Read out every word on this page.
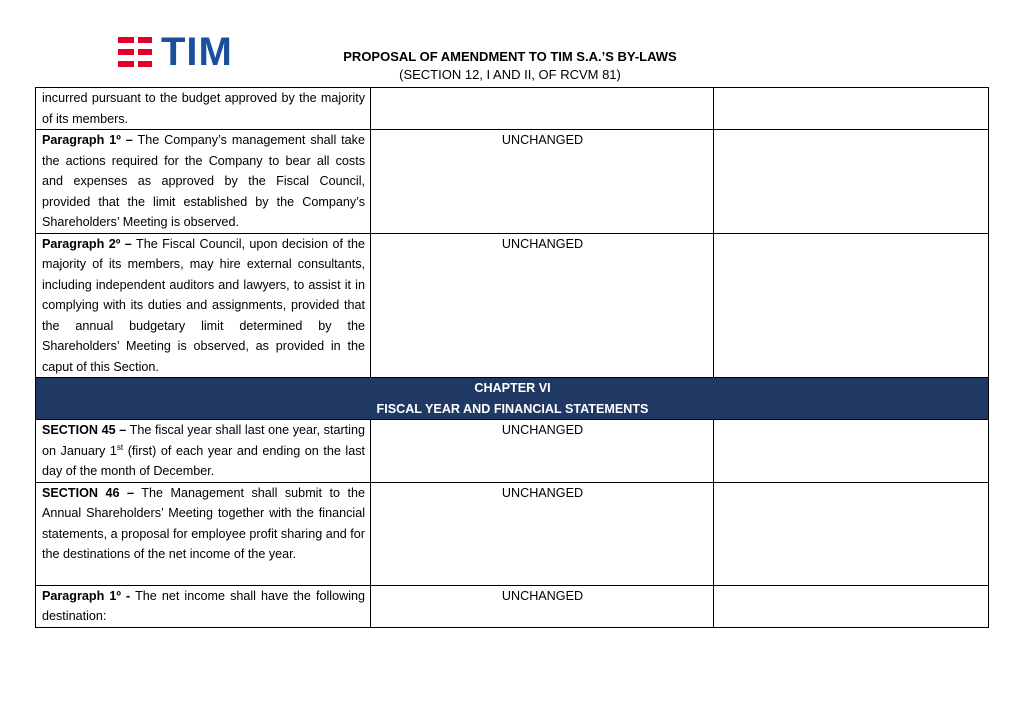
TIM	PROPOSAL OF AMENDMENT TO TIM S.A.’S BY-LAWS
(SECTION 12, I AND II, OF RCVM 81)
incurred pursuant to the budget approved by the majority of its members.		
Paragraph 1º – The Company’s management shall take the actions required for the Company to bear all costs and expenses as approved by the Fiscal Council, provided that the limit established by the Company’s Shareholders’ Meeting is observed.	UNCHANGED	
Paragraph 2º – The Fiscal Council, upon decision of the majority of its members, may hire external consultants, including independent auditors and lawyers, to assist it in complying with its duties and assignments, provided that the annual budgetary limit determined by the Shareholders’ Meeting is observed, as provided in the caput of this Section.	UNCHANGED	

CHAPTER VI
FISCAL YEAR AND FINANCIAL STATEMENTS		

SECTION 45 – The fiscal year shall last one year, starting on January 1st (first) of each year and ending on the last day of the month of December.	UNCHANGED	
SECTION 46 – The Management shall submit to the Annual Shareholders’ Meeting together with the financial statements, a proposal for employee profit sharing and for the destinations of the net income of the year.	UNCHANGED	
Paragraph 1º - The net income shall have the following destination:	UNCHANGED	
